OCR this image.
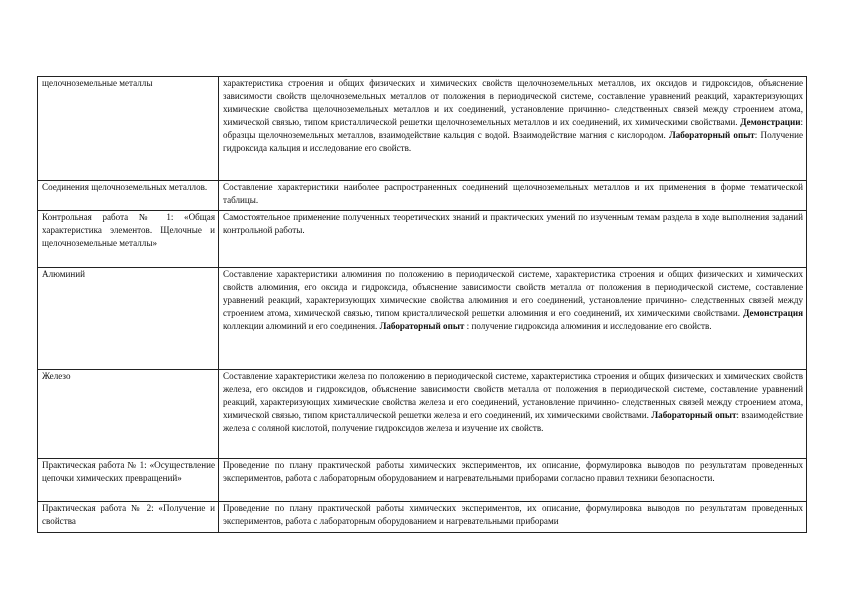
щелочноземельные металлы	характеристика строения и общих физических и химических свойств щелочноземельных металлов, их оксидов и гидроксидов, объяснение зависимости свойств щелочноземельных металлов от положения в периодической системе, составление уравнений реакций, характеризующих химические свойства щелочноземельных металлов и их соединений, установление причинно- следственных связей между строением атома, химической связью, типом кристаллической решетки щелочноземельных металлов и их соединений, их химическими свойствами. Демонстрации: образцы щелочноземельных металлов, взаимодействие кальция с водой. Взаимодействие магния с кислородом. Лабораторный опыт: Получение гидроксида кальция и исследование его свойств.

Соединения щелочноземельных металлов.	Составление характеристики наиболее распространенных соединений щелочноземельных металлов и их применения в форме тематической таблицы.

Контрольная работа № 1: «Общая характеристика элементов. Щелочные и щелочноземельные металлы»	Самостоятельное применение полученных теоретических знаний и практических умений по изученным темам раздела в ходе выполнения заданий контрольной работы.

Алюминий	Составление характеристики алюминия по положению в периодической системе, характеристика строения и общих физических и химических свойств алюминия, его оксида и гидроксида, объяснение зависимости свойств металла от положения в периодической системе, составление уравнений реакций, характеризующих химические свойства алюминия и его соединений, установление причинно- следственных связей между строением атома, химической связью, типом кристаллической решетки алюминия и его соединений, их химическими свойствами. Демонстрация коллекции алюминий и его соединения. Лабораторный опыт : получение гидроксида алюминия и исследование его свойств.

Железо	Составление характеристики железа по положению в периодической системе, характеристика строения и общих физических и химических свойств железа, его оксидов и гидроксидов, объяснение зависимости свойств металла от положения в периодической системе, составление уравнений реакций, характеризующих химические свойства железа и его соединений, установление причинно- следственных связей между строением атома, химической связью, типом кристаллической решетки железа и его соединений, их химическими свойствами. Лабораторный опыт: взаимодействие железа с соляной кислотой, получение гидроксидов железа и изучение их свойств.

Практическая работа № 1: «Осуществление цепочки химических превращений»	Проведение по плану практической работы химических экспериментов, их описание, формулировка выводов по результатам проведенных экспериментов, работа с лабораторным оборудованием и нагревательными приборами согласно правил техники безопасности.

Практическая работа № 2: «Получение и свойства	Проведение по плану практической работы химических экспериментов, их описание, формулировка выводов по результатам проведенных экспериментов, работа с лабораторным оборудованием и нагревательными приборами
